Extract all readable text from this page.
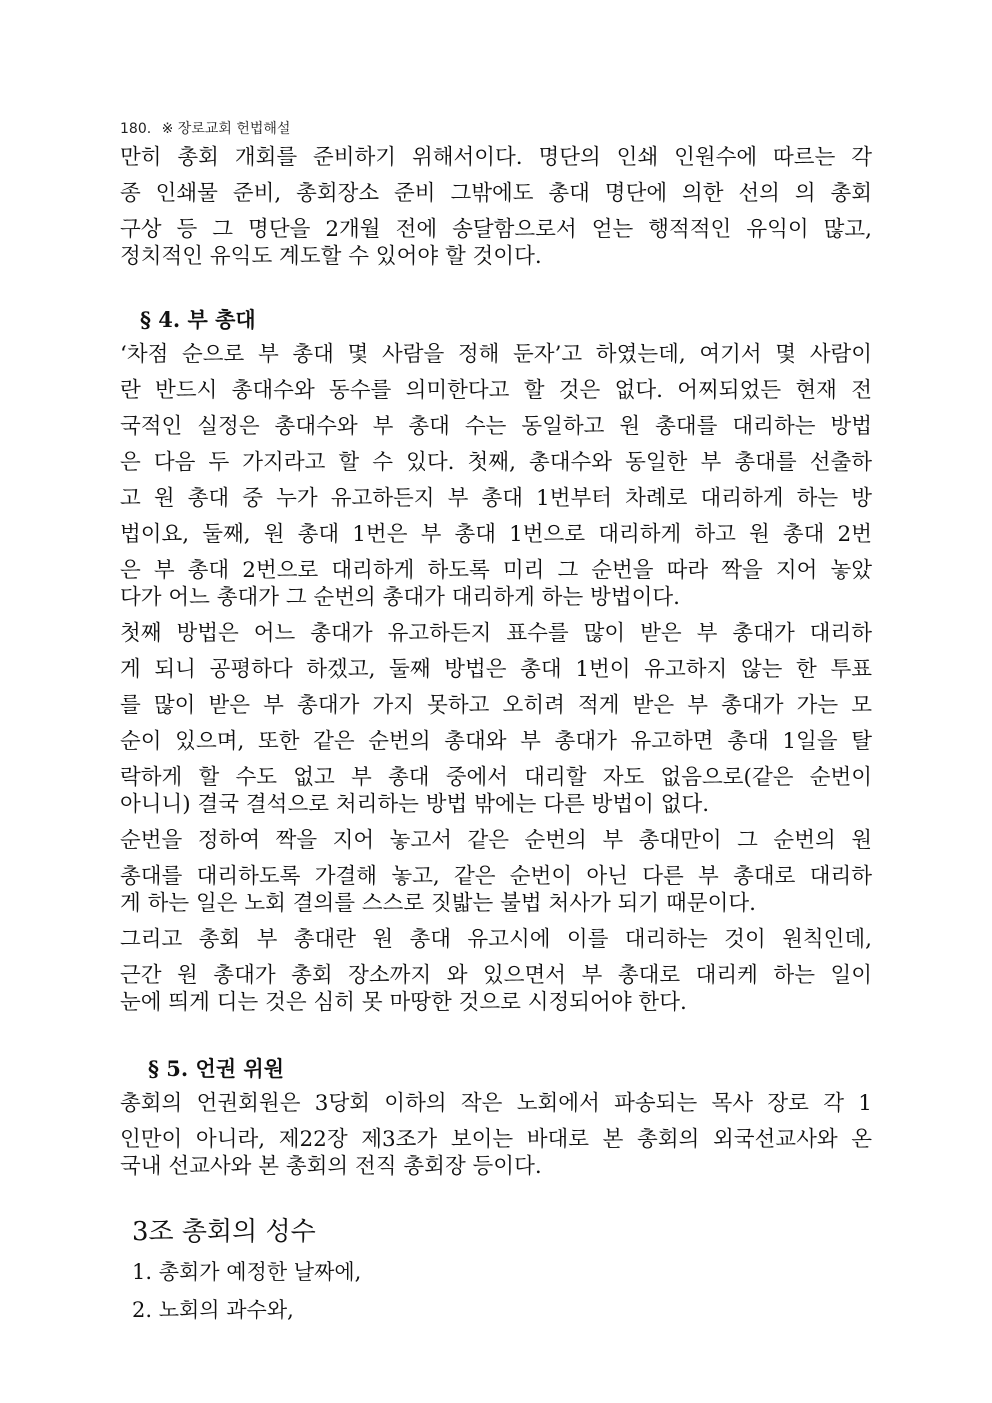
180. ※ 장로교회 헌법해설
만히 총회 개회를 준비하기 위해서이다. 명단의 인쇄 인원수에 따르는 각
종 인쇄물 준비, 총회장소 준비 그밖에도 총대 명단에 의한 선의 의 총회
구상 등 그 명단을 2개월 전에 송달함으로서 얻는 행적적인 유익이 많고,
정치적인 유익도 계도할 수 있어야 할 것이다.
§ 4. 부 총대
‘차점 순으로 부 총대 몇 사람을 정해 둔자’고 하였는데, 여기서 몇 사람이
란 반드시 총대수와 동수를 의미한다고 할 것은 없다. 어찌되었든 현재 전
국적인 실정은 총대수와 부 총대 수는 동일하고 원 총대를 대리하는 방법
은 다음 두 가지라고 할 수 있다. 첫째, 총대수와 동일한 부 총대를 선출하
고 원 총대 중 누가 유고하든지 부 총대 1번부터 차례로 대리하게 하는 방
법이요, 둘째, 원 총대 1번은 부 총대 1번으로 대리하게 하고 원 총대 2번
은 부 총대 2번으로 대리하게 하도록 미리 그 순번을 따라 짝을 지어 놓았
다가 어느 총대가 그 순번의 총대가 대리하게 하는 방법이다.
첫째 방법은 어느 총대가 유고하든지 표수를 많이 받은 부 총대가 대리하
게 되니 공평하다 하겠고, 둘째 방법은 총대 1번이 유고하지 않는 한 투표
를 많이 받은 부 총대가 가지 못하고 오히려 적게 받은 부 총대가 가는 모
순이 있으며, 또한 같은 순번의 총대와 부 총대가 유고하면 총대 1일을 탈
락하게 할 수도 없고 부 총대 중에서 대리할 자도 없음으로(같은 순번이
아니니) 결국 결석으로 처리하는 방법 밖에는 다른 방법이 없다.
순번을 정하여 짝을 지어 놓고서 같은 순번의 부 총대만이 그 순번의 원
총대를 대리하도록 가결해 놓고, 같은 순번이 아닌 다른 부 총대로 대리하
게 하는 일은 노회 결의를 스스로 짓밟는 불법 처사가 되기 때문이다.
그리고 총회 부 총대란 원 총대 유고시에 이를 대리하는 것이 원칙인데,
근간 원 총대가 총회 장소까지 와 있으면서 부 총대로 대리케 하는 일이
눈에 띄게 디는 것은 심히 못 마땅한 것으로 시정되어야 한다.
§ 5. 언권 위원
총회의 언권회원은 3당회 이하의 작은 노회에서 파송되는 목사 장로 각 1
인만이 아니라, 제22장 제3조가 보이는 바대로 본 총회의 외국선교사와 온
국내 선교사와 본 총회의 전직 총회장 등이다.
3조 총회의 성수
1. 총회가 예정한 날짜에,
2. 노회의 과수와,
